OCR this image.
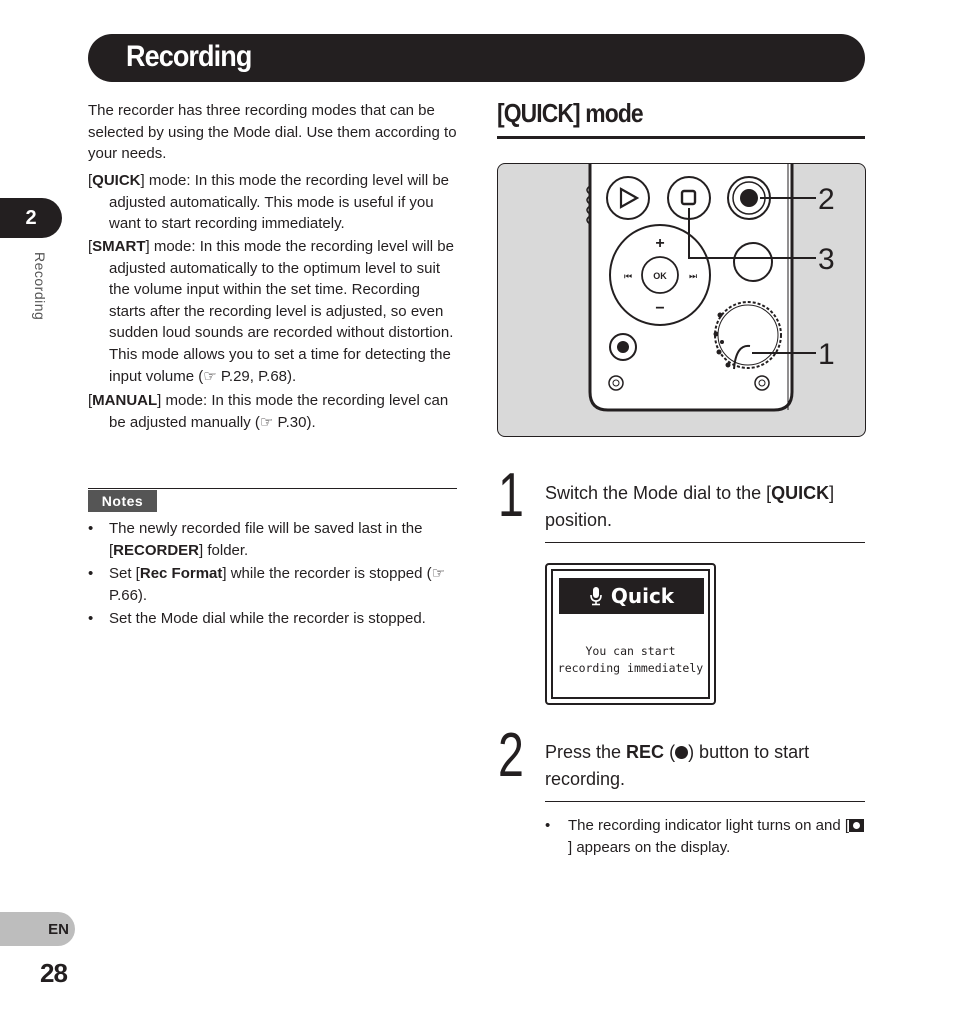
Recording
2
Recording
EN
28
The recorder has three recording modes that can be selected by using the Mode dial. Use them according to your needs.
[QUICK] mode: In this mode the recording level will be adjusted automatically. This mode is useful if you want to start recording immediately.
[SMART] mode: In this mode the recording level will be adjusted automatically to the optimum level to suit the volume input within the set time. Recording starts after the recording level is adjusted, so even sudden loud sounds are recorded without distortion. This mode allows you to set a time for detecting the input volume (☞ P.29, P.68).
[MANUAL] mode: In this mode the recording level can be adjusted manually (☞ P.30).
Notes
• The newly recorded file will be saved last in the [RECORDER] folder.
• Set [Rec Format] while the recorder is stopped (☞ P.66).
• Set the Mode dial while the recorder is stopped.
[QUICK] mode
OK
+
−
⏮	⏭
2
3
1
1 Switch the Mode dial to the [QUICK] position.
Quick
You can start
recording immediately
2 Press the REC ( ) button to start recording.
• The recording indicator light turns on and [] appears on the display.
